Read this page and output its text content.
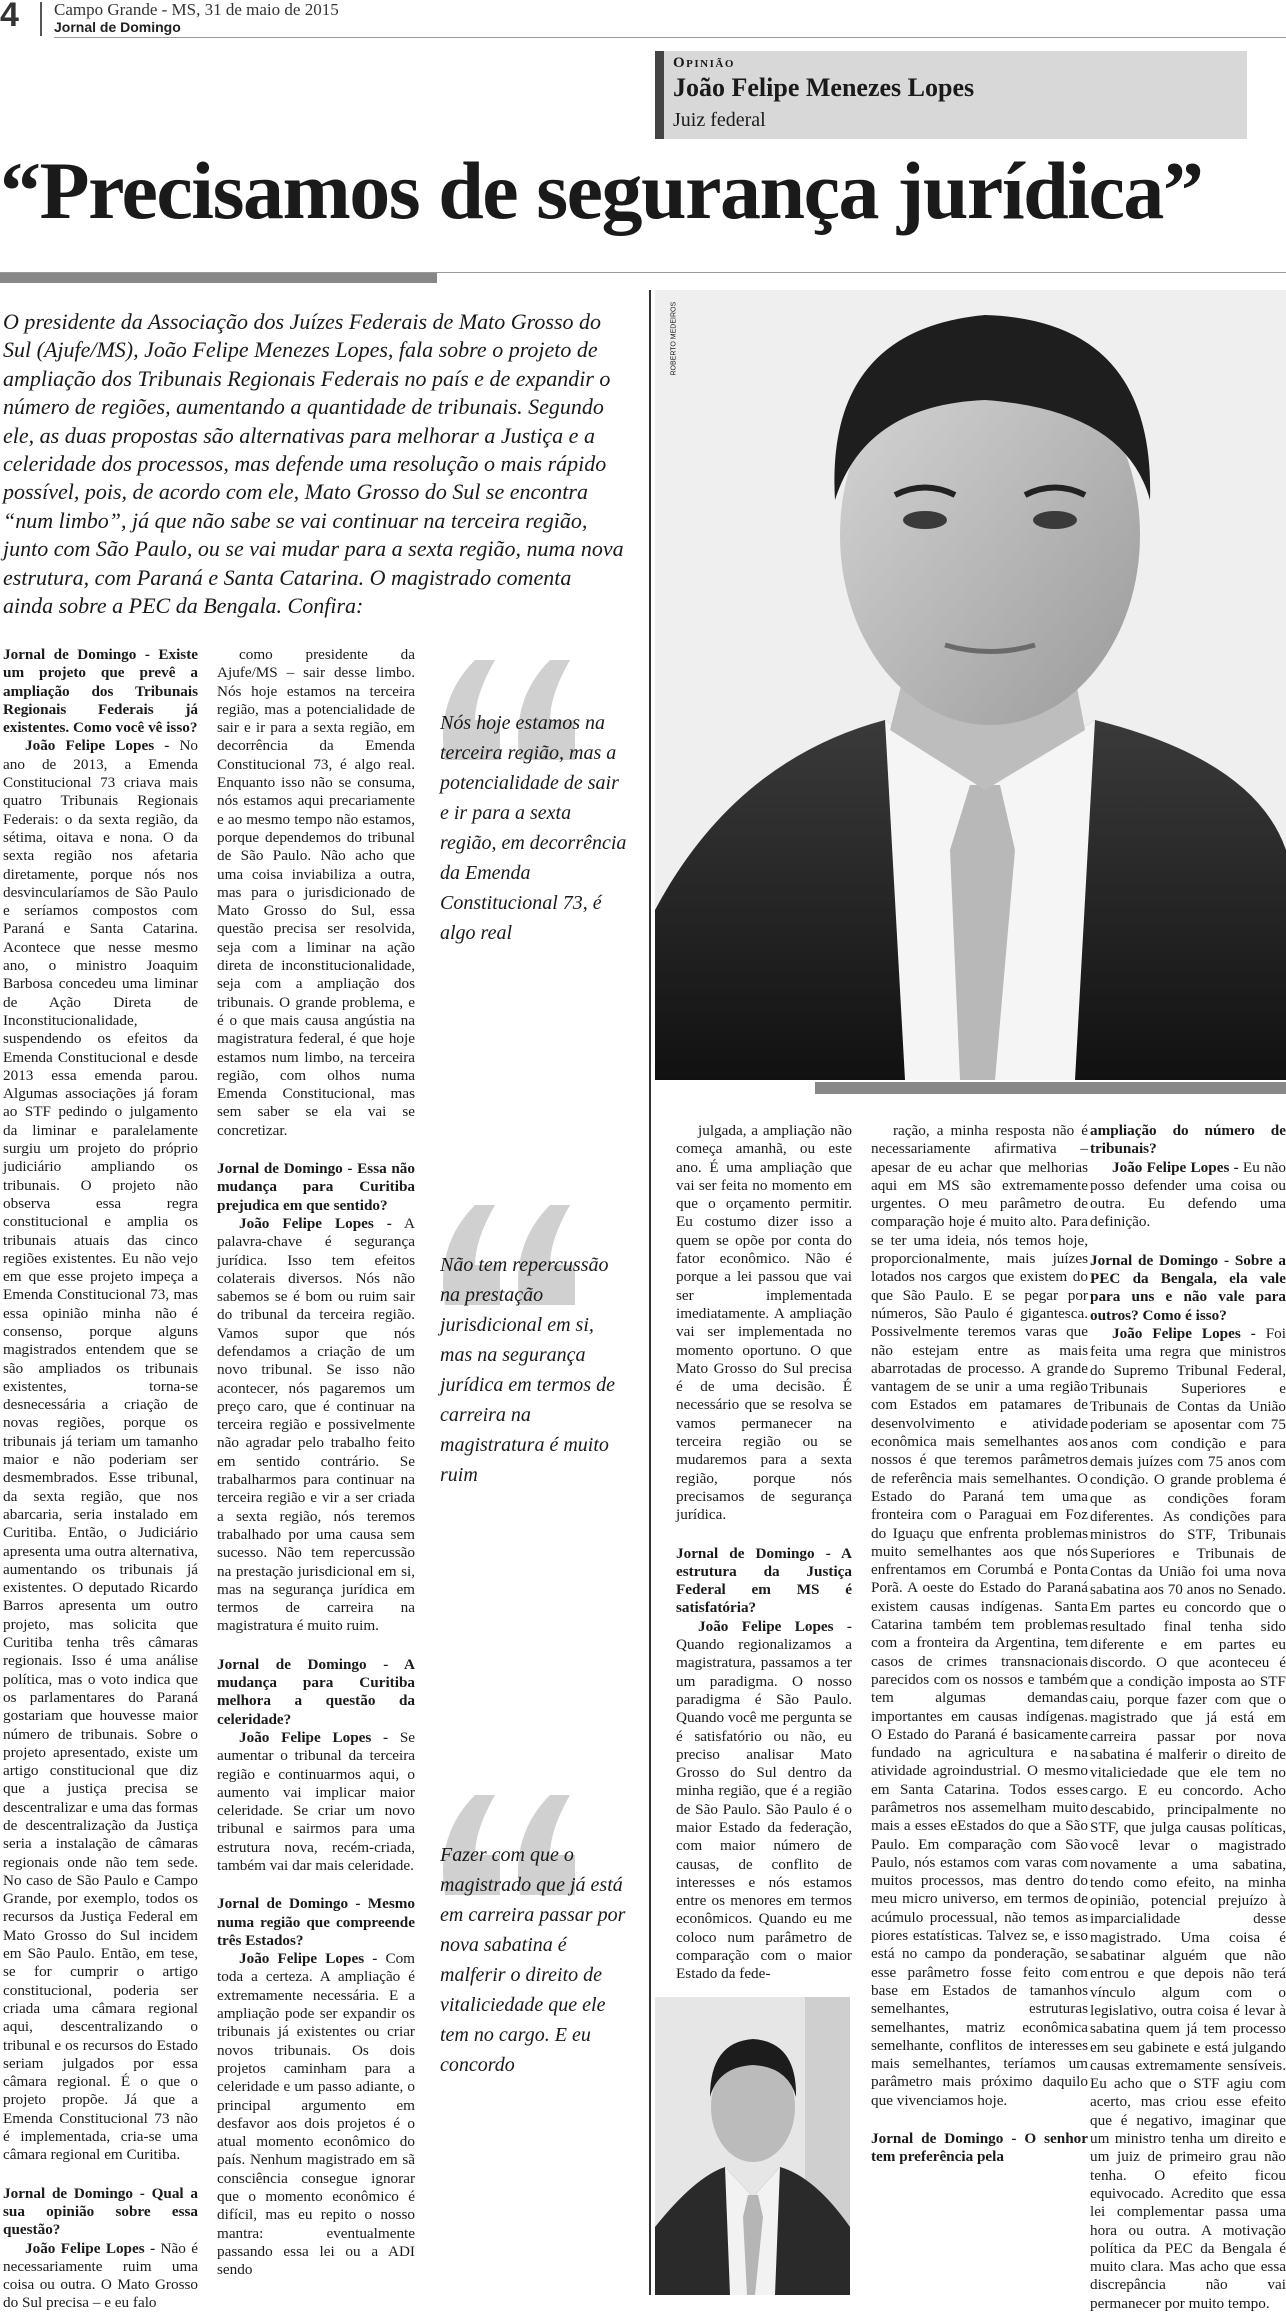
4 Campo Grande - MS, 31 de maio de 2015
Jornal de Domingo
Opinião
João Felipe Menezes Lopes
Juiz federal
“Precisamos de segurança jurídica”

O presidente da Associação dos Juízes Federais de Mato Grosso do Sul (Ajufe/MS), João Felipe Menezes Lopes, fala sobre o projeto de ampliação dos Tribunais Regionais Federais no país e de expandir o número de regiões, aumentando a quantidade de tribunais. Segundo ele, as duas propostas são alternativas para melhorar a Justiça e a celeridade dos processos, mas defende uma resolução o mais rápido possível, pois, de acordo com ele, Mato Grosso do Sul se encontra “num limbo”, já que não sabe se vai continuar na terceira região, junto com São Paulo, ou se vai mudar para a sexta região, numa nova estrutura, com Paraná e Santa Catarina. O magistrado comenta ainda sobre a PEC da Bengala. Confira:

ROBERTO MEDEIROS

Jornal de Domingo - Existe um projeto que prevê a ampliação dos Tribunais Regionais Federais já existentes. Como você vê isso?

João Felipe Lopes - No ano de 2013, a Emenda Constitucional 73 criava mais quatro Tribunais Regionais Federais: o da sexta região, da sétima, oitava e nona. O da sexta região nos afetaria diretamente, porque nós nos desvincularíamos de São Paulo e seríamos compostos com Paraná e Santa Catarina. Acontece que nesse mesmo ano, o ministro Joaquim Barbosa concedeu uma liminar de Ação Direta de Inconstitucionalidade, suspendendo os efeitos da Emenda Constitucional e desde 2013 essa emenda parou. Algumas associações já foram ao STF pedindo o julgamento da liminar e paralelamente surgiu um projeto do próprio judiciário ampliando os tribunais. O projeto não observa essa regra constitucional e amplia os tribunais atuais das cinco regiões existentes. Eu não vejo em que esse projeto impeça a Emenda Constitucional 73, mas essa opinião minha não é consenso, porque alguns magistrados entendem que se são ampliados os tribunais existentes, torna-se desnecessária a criação de novas regiões, porque os tribunais já teriam um tamanho maior e não poderiam ser desmembrados. Esse tribunal, da sexta região, que nos abarcaria, seria instalado em Curitiba. Então, o Judiciário apresenta uma outra alternativa, aumentando os tribunais já existentes. O deputado Ricardo Barros apresenta um outro projeto, mas solicita que Curitiba tenha três câmaras regionais. Isso é uma análise política, mas o voto indica que os parlamentares do Paraná gostariam que houvesse maior número de tribunais. Sobre o projeto apresentado, existe um artigo constitucional que diz que a justiça precisa se descentralizar e uma das formas de descentralização da Justiça seria a instalação de câmaras regionais onde não tem sede. No caso de São Paulo e Campo Grande, por exemplo, todos os recursos da Justiça Federal em Mato Grosso do Sul incidem em São Paulo. Então, em tese, se for cumprir o artigo constitucional, poderia ser criada uma câmara regional aqui, descentralizando o tribunal e os recursos do Estado seriam julgados por essa câmara regional. É o que o projeto propõe. Já que a Emenda Constitucional 73 não é implementada, cria-se uma câmara regional em Curitiba.

Jornal de Domingo - Qual a sua opinião sobre essa questão?

João Felipe Lopes - Não é necessariamente ruim uma coisa ou outra. O Mato Grosso do Sul precisa – e eu falo

como presidente da Ajufe/MS – sair desse limbo. Nós hoje estamos na terceira região, mas a potencialidade de sair e ir para a sexta região, em decorrência da Emenda Constitucional 73, é algo real. Enquanto isso não se consuma, nós estamos aqui precariamente e ao mesmo tempo não estamos, porque dependemos do tribunal de São Paulo. Não acho que uma coisa inviabiliza a outra, mas para o jurisdicionado de Mato Grosso do Sul, essa questão precisa ser resolvida, seja com a liminar na ação direta de inconstitucionalidade, seja com a ampliação dos tribunais. O grande problema, e é o que mais causa angústia na magistratura federal, é que hoje estamos num limbo, na terceira região, com olhos numa Emenda Constitucional, mas sem saber se ela vai se concretizar.

Jornal de Domingo - Essa não mudança para Curitiba prejudica em que sentido?

João Felipe Lopes - A palavra-chave é segurança jurídica. Isso tem efeitos colaterais diversos. Nós não sabemos se é bom ou ruim sair do tribunal da terceira região. Vamos supor que nós defendamos a criação de um novo tribunal. Se isso não acontecer, nós pagaremos um preço caro, que é continuar na terceira região e possivelmente não agradar pelo trabalho feito em sentido contrário. Se trabalharmos para continuar na terceira região e vir a ser criada a sexta região, nós teremos trabalhado por uma causa sem sucesso. Não tem repercussão na prestação jurisdicional em si, mas na segurança jurídica em termos de carreira na magistratura é muito ruim.

Jornal de Domingo - A mudança para Curitiba melhora a questão da celeridade?

João Felipe Lopes - Se aumentar o tribunal da terceira região e continuarmos aqui, o aumento vai implicar maior celeridade. Se criar um novo tribunal e sairmos para uma estrutura nova, recém-criada, também vai dar mais celeridade.

Jornal de Domingo - Mesmo numa região que compreende três Estados?

João Felipe Lopes - Com toda a certeza. A ampliação é extremamente necessária. E a ampliação pode ser expandir os tribunais já existentes ou criar novos tribunais. Os dois projetos caminham para a celeridade e um passo adiante, o principal argumento em desfavor aos dois projetos é o atual momento econômico do país. Nenhum magistrado em sã consciência consegue ignorar que o momento econômico é difícil, mas eu repito o nosso mantra: eventualmente passando essa lei ou a ADI sendo

julgada, a ampliação não começa amanhã, ou este ano. É uma ampliação que vai ser feita no momento em que o orçamento permitir. Eu costumo dizer isso a quem se opõe por conta do fator econômico. Não é porque a lei passou que vai ser implementada imediatamente. A ampliação vai ser implementada no momento oportuno. O que Mato Grosso do Sul precisa é de uma decisão. É necessário que se resolva se vamos permanecer na terceira região ou se mudaremos para a sexta região, porque nós precisamos de segurança jurídica.

Jornal de Domingo - A estrutura da Justiça Federal em MS é satisfatória?

João Felipe Lopes - Quando regionalizamos a magistratura, passamos a ter um paradigma. O nosso paradigma é São Paulo. Quando você me pergunta se é satisfatório ou não, eu preciso analisar Mato Grosso do Sul dentro da minha região, que é a região de São Paulo. São Paulo é o maior Estado da federação, com maior número de causas, de conflito de interesses e nós estamos entre os menores em termos econômicos. Quando eu me coloco num parâmetro de comparação com o maior Estado da fede-

ração, a minha resposta não é necessariamente afirmativa – apesar de eu achar que melhorias aqui em MS são extremamente urgentes. O meu parâmetro de comparação hoje é muito alto. Para se ter uma ideia, nós temos hoje, proporcionalmente, mais juízes lotados nos cargos que existem do que São Paulo. E se pegar por números, São Paulo é gigantesca. Possivelmente teremos varas que não estejam entre as mais abarrotadas de processo. A grande vantagem de se unir a uma região com Estados em patamares de desenvolvimento e atividade econômica mais semelhantes aos nossos é que teremos parâmetros de referência mais semelhantes. O Estado do Paraná tem uma fronteira com o Paraguai em Foz do Iguaçu que enfrenta problemas muito semelhantes aos que nós enfrentamos em Corumbá e Ponta Porã. A oeste do Estado do Paraná existem causas indígenas. Santa Catarina também tem problemas com a fronteira da Argentina, tem casos de crimes transnacionais parecidos com os nossos e também tem algumas demandas importantes em causas indígenas. O Estado do Paraná é basicamente fundado na agricultura e na atividade agroindustrial. O mesmo em Santa Catarina. Todos esses parâmetros nos assemelham muito mais a esses eEstados do que a São Paulo. Em comparação com São Paulo, nós estamos com varas com muitos processos, mas dentro do meu micro universo, em termos de acúmulo processual, não temos as piores estatísticas. Talvez se, e isso está no campo da ponderação, se esse parâmetro fosse feito com base em Estados de tamanhos semelhantes, estruturas semelhantes, matriz econômica semelhante, conflitos de interesses mais semelhantes, teríamos um parâmetro mais próximo daquilo que vivenciamos hoje.

Jornal de Domingo - O senhor tem preferência pela

ampliação do número de tribunais?

João Felipe Lopes - Eu não posso defender uma coisa ou outra. Eu defendo uma definição.

Jornal de Domingo - Sobre a PEC da Bengala, ela vale para uns e não vale para outros? Como é isso?

João Felipe Lopes - Foi feita uma regra que ministros do Supremo Tribunal Federal, Tribunais Superiores e Tribunais de Contas da União poderiam se aposentar com 75 anos com condição e para demais juízes com 75 anos com condição. O grande problema é que as condições foram diferentes. As condições para ministros do STF, Tribunais Superiores e Tribunais de Contas da União foi uma nova sabatina aos 70 anos no Senado. Em partes eu concordo que o resultado final tenha sido diferente e em partes eu discordo. O que aconteceu é que a condição imposta ao STF caiu, porque fazer com que o magistrado que já está em carreira passar por nova sabatina é malferir o direito de vitaliciedade que ele tem no cargo. E eu concordo. Acho descabido, principalmente no STF, que julga causas políticas, você levar o magistrado novamente a uma sabatina, tendo como efeito, na minha opinião, potencial prejuízo à imparcialidade desse magistrado. Uma coisa é sabatinar alguém que não entrou e que depois não terá vínculo algum com o legislativo, outra coisa é levar à sabatina quem já tem processo em seu gabinete e está julgando causas extremamente sensíveis. Eu acho que o STF agiu com acerto, mas criou esse efeito que é negativo, imaginar que um ministro tenha um direito e um juiz de primeiro grau não tenha. O efeito ficou equivocado. Acredito que essa lei complementar passa uma hora ou outra. A motivação política da PEC da Bengala é muito clara. Mas acho que essa discrepância não vai permanecer por muito tempo.

Nós hoje estamos na terceira região, mas a potencialidade de sair e ir para a sexta região, em decorrência da Emenda Constitucional 73, é algo real

Não tem repercussão na prestação jurisdicional em si, mas na segurança jurídica em termos de carreira na magistratura é muito ruim

Fazer com que o magistrado que já está em carreira passar por nova sabatina é malferir o direito de vitaliciedade que ele tem no cargo. E eu concordo
